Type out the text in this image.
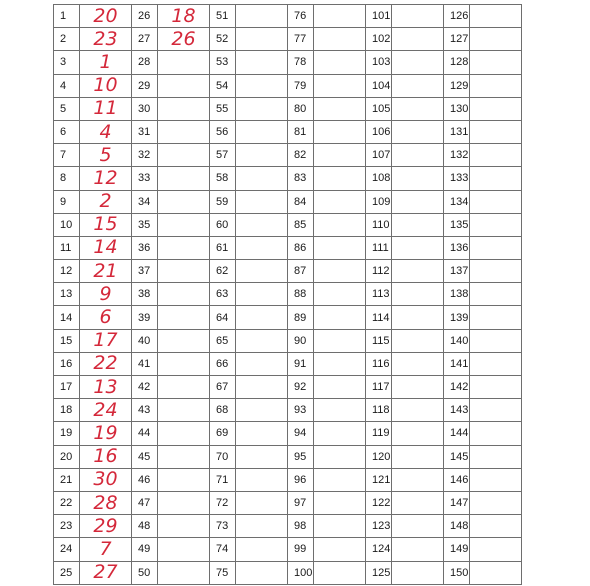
1	20	26	18	51		76		101		126	
2	23	27	26	52		77		102		127	
3	1	28		53		78		103		128	
4	10	29		54		79		104		129	
5	11	30		55		80		105		130	
6	4	31		56		81		106		131	
7	5	32		57		82		107		132	
8	12	33		58		83		108		133	
9	2	34		59		84		109		134	
10	15	35		60		85		110		135	
11	14	36		61		86		111		136	
12	21	37		62		87		112		137	
13	9	38		63		88		113		138	
14	6	39		64		89		114		139	
15	17	40		65		90		115		140	
16	22	41		66		91		116		141	
17	13	42		67		92		117		142	
18	24	43		68		93		118		143	
19	19	44		69		94		119		144	
20	16	45		70		95		120		145	
21	30	46		71		96		121		146	
22	28	47		72		97		122		147	
23	29	48		73		98		123		148	
24	7	49		74		99		124		149	
25	27	50		75		100		125		150	
